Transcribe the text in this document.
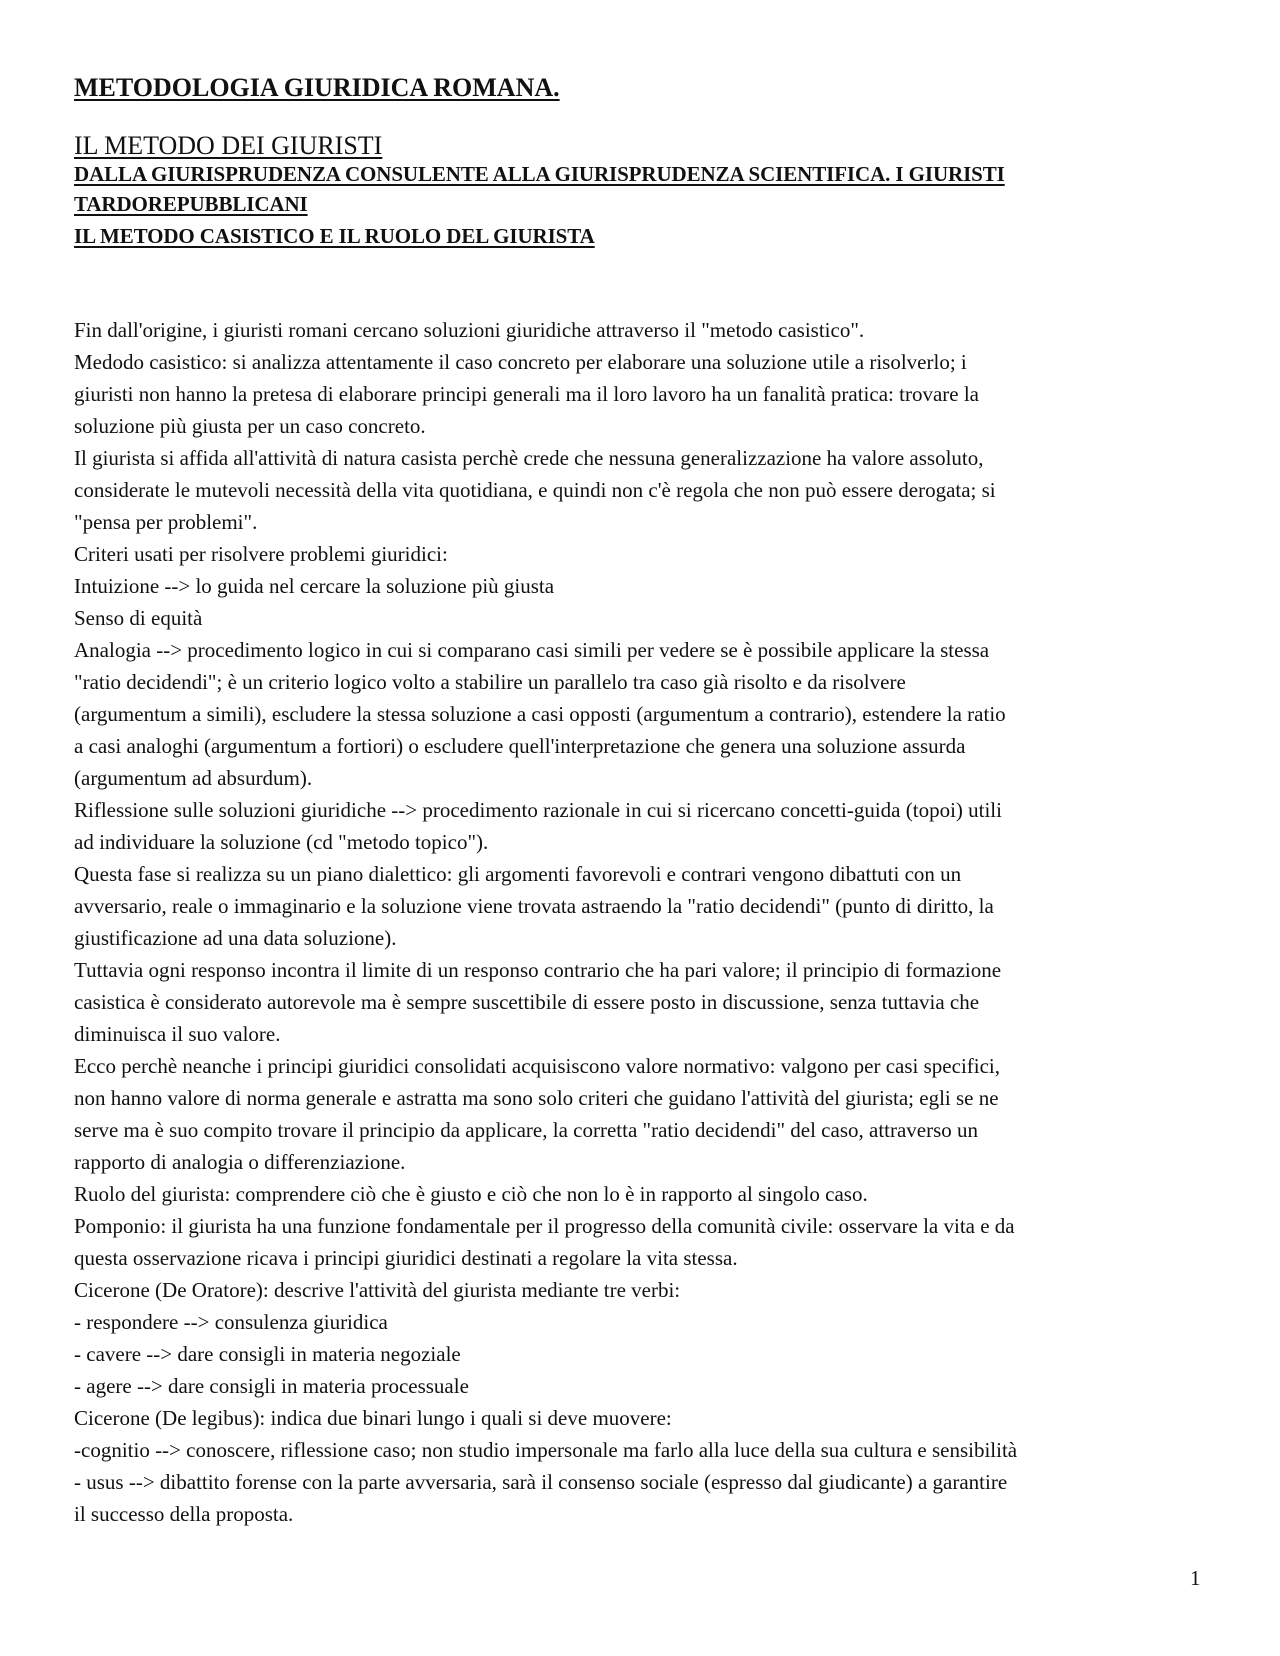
METODOLOGIA GIURIDICA ROMANA.
IL METODO DEI GIURISTI
DALLA GIURISPRUDENZA CONSULENTE ALLA GIURISPRUDENZA SCIENTIFICA. I GIURISTI
TARDOREPUBBLICANI
IL METODO CASISTICO E IL RUOLO DEL GIURISTA

Fin dall'origine, i giuristi romani cercano soluzioni giuridiche attraverso il "metodo casistico".

Medodo casistico: si analizza attentamente il caso concreto per elaborare una soluzione utile a risolverlo; i

giuristi non hanno la pretesa di elaborare principi generali ma il loro lavoro ha un fanalità pratica: trovare la

soluzione più giusta per un caso concreto.

Il giurista si affida all'attività di natura casista perchè crede che nessuna generalizzazione ha valore assoluto,

considerate le mutevoli necessità della vita quotidiana, e quindi non c'è regola che non può essere derogata; si

"pensa per problemi".

Criteri usati per risolvere problemi giuridici:

Intuizione --> lo guida nel cercare la soluzione più giusta

Senso di equità

Analogia --> procedimento logico in cui si comparano casi simili per vedere se è possibile applicare la stessa

"ratio decidendi"; è un criterio logico volto a stabilire un parallelo tra caso già risolto e da risolvere

(argumentum a simili), escludere la stessa soluzione a casi opposti (argumentum a contrario), estendere la ratio

a casi analoghi (argumentum a fortiori) o escludere quell'interpretazione che genera una soluzione assurda

(argumentum ad absurdum).

Riflessione sulle soluzioni giuridiche --> procedimento razionale in cui si ricercano concetti-guida (topoi) utili

ad individuare la soluzione (cd "metodo topico").

Questa fase si realizza su un piano dialettico: gli argomenti favorevoli e contrari vengono dibattuti con un

avversario, reale o immaginario e la soluzione viene trovata astraendo la "ratio decidendi" (punto di diritto, la

giustificazione ad una data soluzione).

Tuttavia ogni responso incontra il limite di un responso contrario che ha pari valore; il principio di formazione

casistica è considerato autorevole ma è sempre suscettibile di essere posto in discussione, senza tuttavia che

diminuisca il suo valore.

Ecco perchè neanche i principi giuridici consolidati acquisiscono valore normativo: valgono per casi specifici,

non hanno valore di norma generale e astratta ma sono solo criteri che guidano l'attività del giurista; egli se ne

serve ma è suo compito trovare il principio da applicare, la corretta "ratio decidendi" del caso, attraverso un

rapporto di analogia o differenziazione.

Ruolo del giurista: comprendere ciò che è giusto e ciò che non lo è in rapporto al singolo caso.

Pomponio: il giurista ha una funzione fondamentale per il progresso della comunità civile: osservare la vita e da

questa osservazione ricava i principi giuridici destinati a regolare la vita stessa.

Cicerone (De Oratore): descrive l'attività del giurista mediante tre verbi:

- respondere --> consulenza giuridica

- cavere --> dare consigli in materia negoziale

- agere --> dare consigli in materia processuale

Cicerone (De legibus): indica due binari lungo i quali si deve muovere:

-cognitio --> conoscere, riflessione caso; non studio impersonale ma farlo alla luce della sua cultura e sensibilità

- usus --> dibattito forense con la parte avversaria, sarà il consenso sociale (espresso dal giudicante) a garantire

il successo della proposta.

1
